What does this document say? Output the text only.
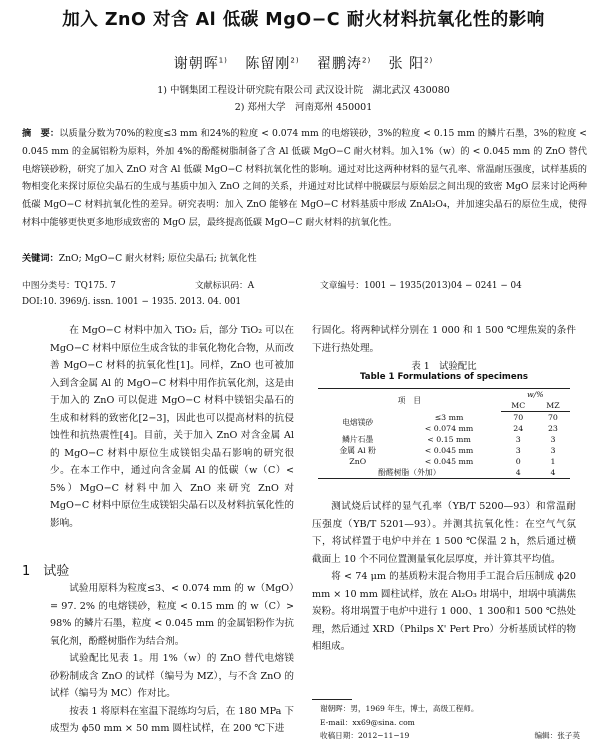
加入 ZnO 对含 Al 低碳 MgO−C 耐火材料抗氧化性的影响
谢朝晖$^{1)}$ 陈留刚$^{2)}$ 翟鹏涛$^{2)}$ 张 阳$^{2)}$
1) 中钢集团工程设计研究院有限公司 武汉设计院　湖北武汉 430080
2) 郑州大学　河南郑州 450001
摘　要：以质量分数为70%的粒度≤3 mm 和24%的粒度 < 0.074 mm 的电熔镁砂，3%的粒度 < 0.15 mm 的鳞片石墨，3%的粒度 < 0.045 mm 的金属铝粉为原料，外加 4%的酚醛树脂制备了含 Al 低碳 MgO−C 耐火材料。加入1%（w）的 < 0.045 mm 的 ZnO 替代电熔镁砂粉，研究了加入 ZnO 对含 Al 低碳 MgO−C 材料抗氧化性的影响。通过对比这两种材料的显气孔率、常温耐压强度，试样基质的物相变化来探讨原位尖晶石的生成与基质中加入 ZnO 之间的关系，并通过对比试样中脱碳层与原始层之间出现的致密 MgO 层来讨论两种低碳 MgO−C 材料抗氧化性的差异。研究表明：加入 ZnO 能够在 MgO−C 材料基质中形成 ZnAl₂O₄，并加速尖晶石的原位生成，使得材料中能够更快更多地形成致密的 MgO 层，最终提高低碳 MgO−C 耐火材料的抗氧化性。
关键词：ZnO; MgO−C 耐火材料; 原位尖晶石; 抗氧化性
中图分类号：TQ175. 7	文献标识码：A	文章编号：1001 − 1935(2013)04 − 0241 − 04
DOI:10. 3969/j. issn. 1001 − 1935. 2013. 04. 001

在 MgO−C 材料中加入 TiO₂ 后，部分 TiO₂ 可以在 MgO−C 材料中原位生成含钛的非氧化物化合物，从而改善 MgO−C 材料的抗氧化性[1]。同样，ZnO 也可被加入到含金属 Al 的 MgO−C 材料中用作抗氧化剂，这是由于加入的 ZnO 可以促进 MgO−C 材料中镁铝尖晶石的生成和材料的致密化[2−3]，因此也可以提高材料的抗侵蚀性和抗热震性[4]。目前，关于加入 ZnO 对含金属 Al 的 MgO−C 材料中原位生成镁铝尖晶石影响的研究很少。在本工作中，通过向含金属 Al 的低碳（w（C）< 5%）MgO−C 材料中加入 ZnO 来研究 ZnO 对 MgO−C 材料中原位生成镁铝尖晶石以及材料抗氧化性的影响。

1　试验

试验用原料为粒度≤3、< 0.074 mm 的 w（MgO）= 97. 2% 的电熔镁砂，粒度 < 0.15 mm 的 w（C）> 98% 的鳞片石墨，粒度 < 0.045 mm 的金属铝粉作为抗氧化剂，酚醛树脂作为结合剂。

试验配比见表 1。用 1%（w）的 ZnO 替代电熔镁砂粉制成含 ZnO 的试样（编号为 MZ），与不含 ZnO 的试样（编号为 MC）作对比。

按表 1 将原料在室温下混练均匀后，在 180 MPa 下成型为 ϕ50 mm × 50 mm 圆柱试样，在 200 ℃下进

行固化。将两种试样分别在 1 000 和 1 500 ℃埋焦炭的条件下进行热处理。

表 1　试验配比
Table 1 Formulations of specimens
项　目		w/%	
		MC	MZ
电熔镁砂	≤3 mm	70	70
	< 0.074 mm	24	23
鳞片石墨	< 0.15 mm	3	3
金属 Al 粉	< 0.045 mm	3	3
ZnO	< 0.045 mm	0	1
酚醛树脂（外加）		4	4

测试烧后试样的显气孔率（YB/T 5200—93）和常温耐压强度（YB/T 5201—93）。并测其抗氧化性：在空气气氛下，将试样置于电炉中并在 1 500 ℃保温 2 h，然后通过横截面上 10 个不同位置测量氧化层厚度，并计算其平均值。

将 < 74 μm 的基质粉末混合物用手工混合后压制成 ϕ20 mm × 10 mm 圆柱试样，放在 Al₂O₃ 坩埚中，坩埚中填满焦炭粉。将坩埚置于电炉中进行 1 000、1 300和1 500 ℃热处理，然后通过 XRD（Philps X' Pert Pro）分析基质试样的物相组成。

谢朝晖：男，1969 年生，博士，高级工程师。
E-mail：xx69@sina. com
收稿日期：2012−11−19	编辑：张子英
